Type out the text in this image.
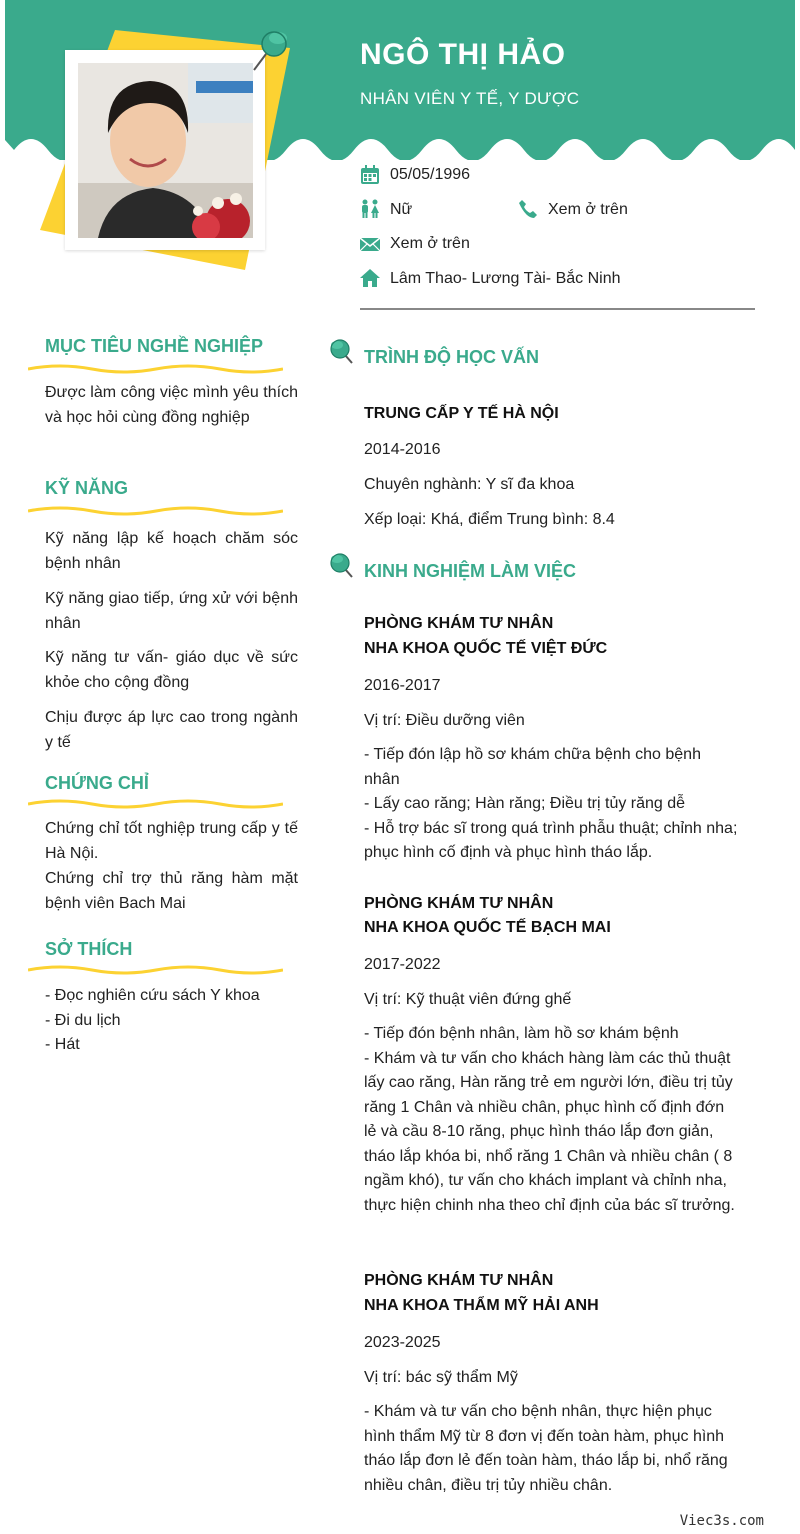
NGÔ THỊ HẢO
NHÂN VIÊN Y TẾ, Y DƯỢC
05/05/1996
Nữ	Xem ở trên
Xem ở trên
Lâm Thao- Lương Tài- Bắc Ninh
MỤC TIÊU NGHỀ NGHIỆP
Được làm công việc mình yêu thích và học hỏi cùng đồng nghiệp
KỸ NĂNG
Kỹ năng lập kế hoạch chăm sóc bệnh nhân
Kỹ năng giao tiếp, ứng xử với bệnh nhân
Kỹ năng tư vấn- giáo dục về sức khỏe cho cộng đồng
Chịu được áp lực cao trong ngành y tế
CHỨNG CHỈ
Chứng chỉ tốt nghiệp trung cấp y tế Hà Nội.
Chứng chỉ trợ thủ răng hàm mặt bệnh viên Bach Mai
SỞ THÍCH
- Đọc nghiên cứu sách Y khoa
- Đi du lịch
- Hát
TRÌNH ĐỘ HỌC VẤN
TRUNG CẤP Y TẾ HÀ NỘI
2014-2016
Chuyên nghành: Y sĩ đa khoa
Xếp loại: Khá, điểm Trung bình: 8.4
KINH NGHIỆM LÀM VIỆC
PHÒNG KHÁM TƯ NHÂN
NHA KHOA QUỐC TẾ VIỆT ĐỨC
2016-2017
Vị trí: Điều dưỡng viên
- Tiếp đón lập hồ sơ khám chữa bệnh cho bệnh nhân
- Lấy cao răng; Hàn răng; Điều trị tủy răng dễ
- Hỗ trợ bác sĩ trong quá trình phẫu thuật; chỉnh nha; phục hình cố định và phục hình tháo lắp.
PHÒNG KHÁM TƯ NHÂN
NHA KHOA QUỐC TẾ BẠCH MAI
2017-2022
Vị trí: Kỹ thuật viên đứng ghế
- Tiếp đón bệnh nhân, làm hồ sơ khám bệnh
- Khám và tư vấn cho khách hàng làm các thủ thuật lấy cao răng, Hàn răng trẻ em người lớn, điều trị tủy răng 1 Chân và nhiều chân, phục hình cố định đớn lẻ và cầu 8-10 răng, phục hình tháo lắp đơn giản, tháo lắp khóa bi, nhổ răng 1 Chân và nhiều chân ( 8 ngầm khó), tư vấn cho khách implant và chỉnh nha, thực hiện chinh nha theo chỉ định của bác sĩ trưởng.
PHÒNG KHÁM TƯ NHÂN
NHA KHOA THẨM MỸ HẢI ANH
2023-2025
Vị trí: bác sỹ thẩm Mỹ
- Khám và tư vấn cho bệnh nhân, thực hiện phục hình thẩm Mỹ từ 8 đơn vị đến toàn hàm, phục hình tháo lắp đơn lẻ đến toàn hàm, tháo lắp bi, nhổ răng nhiều chân, điều trị tủy nhiều chân.
Viec3s.com
